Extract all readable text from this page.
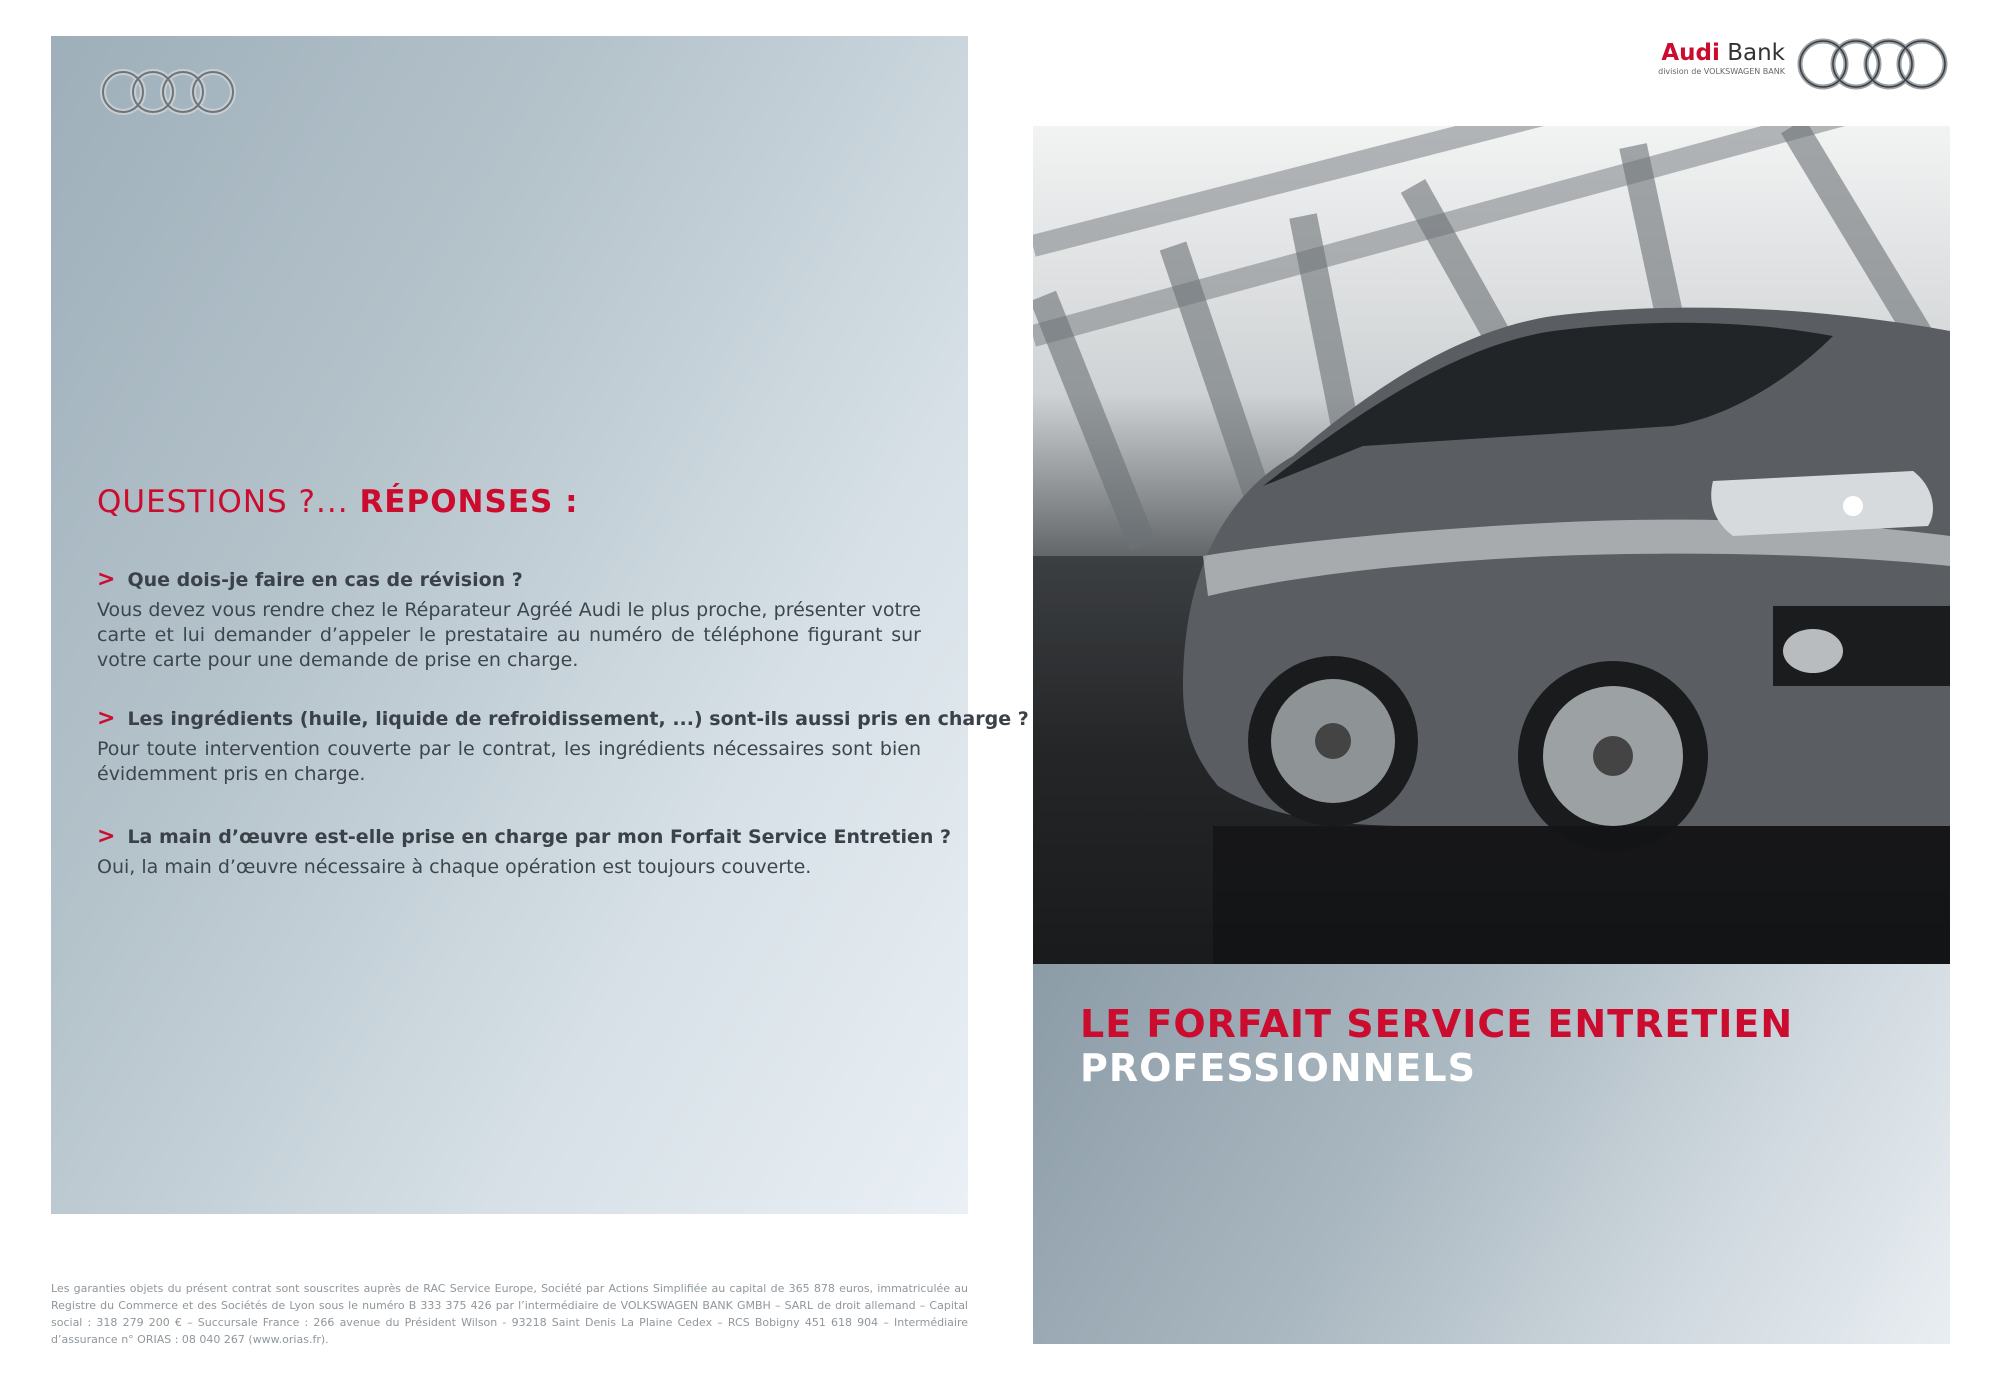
QUESTIONS ?... RÉPONSES :
> Que dois-je faire en cas de révision ?
Vous devez vous rendre chez le Réparateur Agréé Audi le plus proche, présenter votre carte et lui demander d’appeler le prestataire au numéro de téléphone figurant sur votre carte pour une demande de prise en charge.
> Les ingrédients (huile, liquide de refroidissement, ...) sont-ils aussi pris en charge ?
Pour toute intervention couverte par le contrat, les ingrédients nécessaires sont bien évidemment pris en charge.
> La main d’œuvre est-elle prise en charge par mon Forfait Service Entretien ?
Oui, la main d’œuvre nécessaire à chaque opération est toujours couverte.
Les garanties objets du présent contrat sont souscrites auprès de RAC Service Europe, Société par Actions Simplifiée au capital de 365 878 euros, immatriculée au Registre du Commerce et des Sociétés de Lyon sous le numéro B 333 375 426 par l’intermédiaire de VOLKSWAGEN BANK GMBH – SARL de droit allemand – Capital social : 318 279 200 € – Succursale France : 266 avenue du Président Wilson - 93218 Saint Denis La Plaine Cedex – RCS Bobigny 451 618 904 – Intermédiaire d’assurance n° ORIAS : 08 040 267 (www.orias.fr).
Audi Bank
division de VOLKSWAGEN BANK
LE FORFAIT SERVICE ENTRETIEN
PROFESSIONNELS
